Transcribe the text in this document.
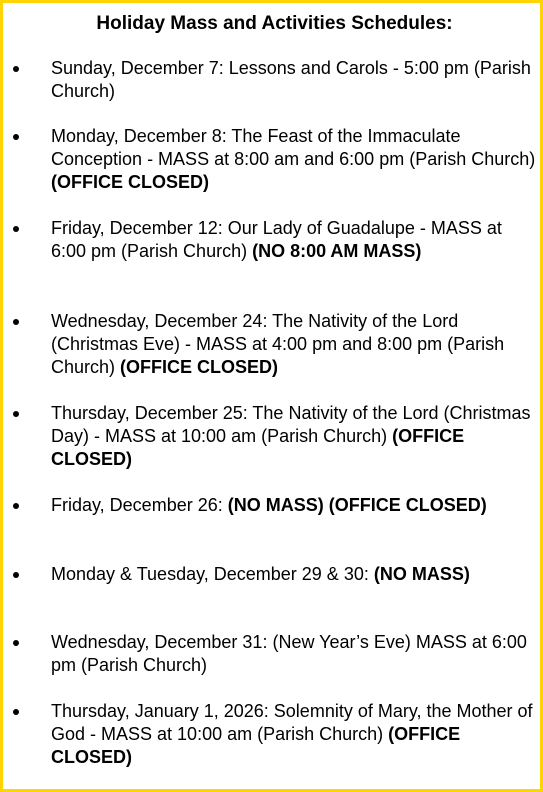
Holiday Mass and Activities Schedules:
Sunday, December 7: Lessons and Carols - 5:00 pm (Parish Church)
Monday, December 8: The Feast of the Immaculate Conception - MASS at 8:00 am and 6:00 pm (Parish Church) (OFFICE CLOSED)
Friday, December 12: Our Lady of Guadalupe - MASS at 6:00 pm (Parish Church) (NO 8:00 AM MASS)
Wednesday, December 24: The Nativity of the Lord (Christmas Eve) - MASS at 4:00 pm and 8:00 pm (Parish Church) (OFFICE CLOSED)
Thursday, December 25: The Nativity of the Lord (Christmas Day) - MASS at 10:00 am (Parish Church) (OFFICE CLOSED)
Friday, December 26: (NO MASS) (OFFICE CLOSED)
Monday & Tuesday, December 29 & 30: (NO MASS)
Wednesday, December 31: (New Year’s Eve) MASS at 6:00 pm (Parish Church)
Thursday, January 1, 2026: Solemnity of Mary, the Mother of God - MASS at 10:00 am (Parish Church) (OFFICE CLOSED)
